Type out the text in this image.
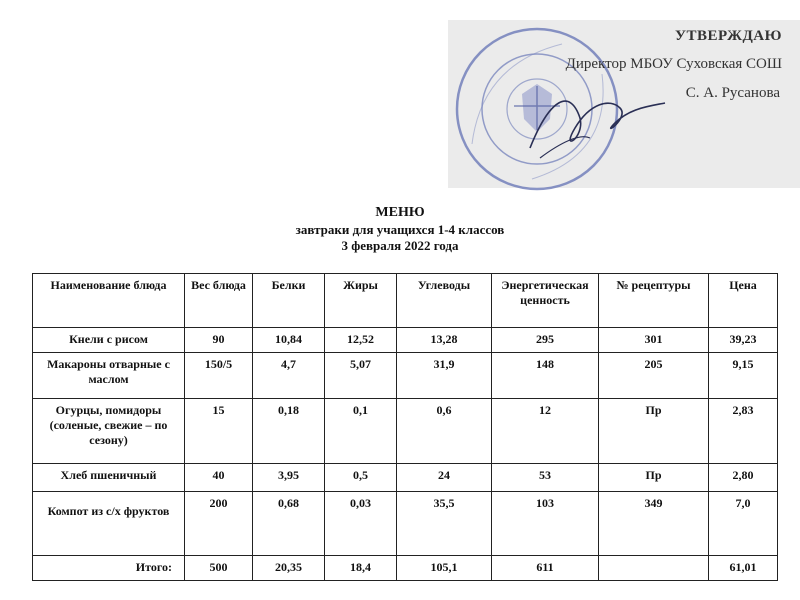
УТВЕРЖДАЮ
Директор МБОУ Суховская СОШ
С. А. Русанова
МЕНЮ
завтраки для учащихся 1-4 классов
3 февраля 2022 года
Наименование блюда	Вес блюда	Белки	Жиры	Углеводы	Энергетическая ценность	№ рецептуры	Цена
Кнели с рисом	90	10,84	12,52	13,28	295	301	39,23
Макароны отварные с маслом	150/5	4,7	5,07	31,9	148	205	9,15
Огурцы, помидоры (соленые, свежие – по сезону)	15	0,18	0,1	0,6	12	Пр	2,83
Хлеб пшеничный	40	3,95	0,5	24	53	Пр	2,80
Компот из с/х фруктов	200	0,68	0,03	35,5	103	349	7,0
Итого:	500	20,35	18,4	105,1	611		61,01
